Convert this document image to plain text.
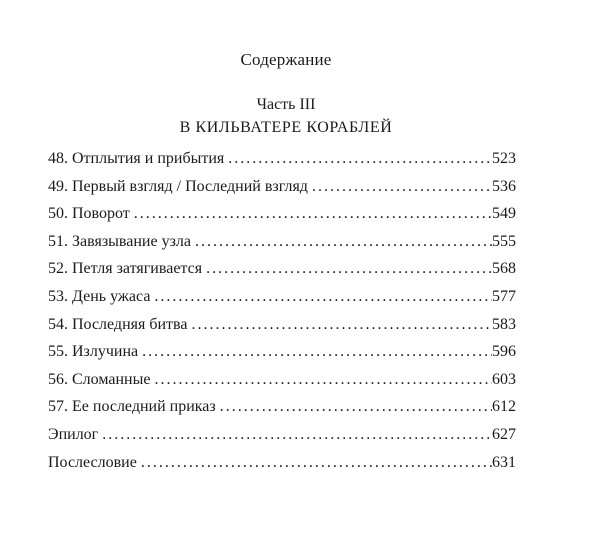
Содержание
Часть III
В КИЛЬВАТЕРЕ КОРАБЛЕЙ
48. Отплытия и прибытия . . .	523
49. Первый взгляд / Последний взгляд . . .	536
50. Поворот . . .	549
51. Завязывание узла . . .	555
52. Петля затягивается . . .	568
53. День ужаса . . .	577
54. Последняя битва . . .	583
55. Излучина . . .	596
56. Сломанные . . .	603
57. Ее последний приказ . . .	612
Эпилог . . .	627
Послесловие . . .	631
